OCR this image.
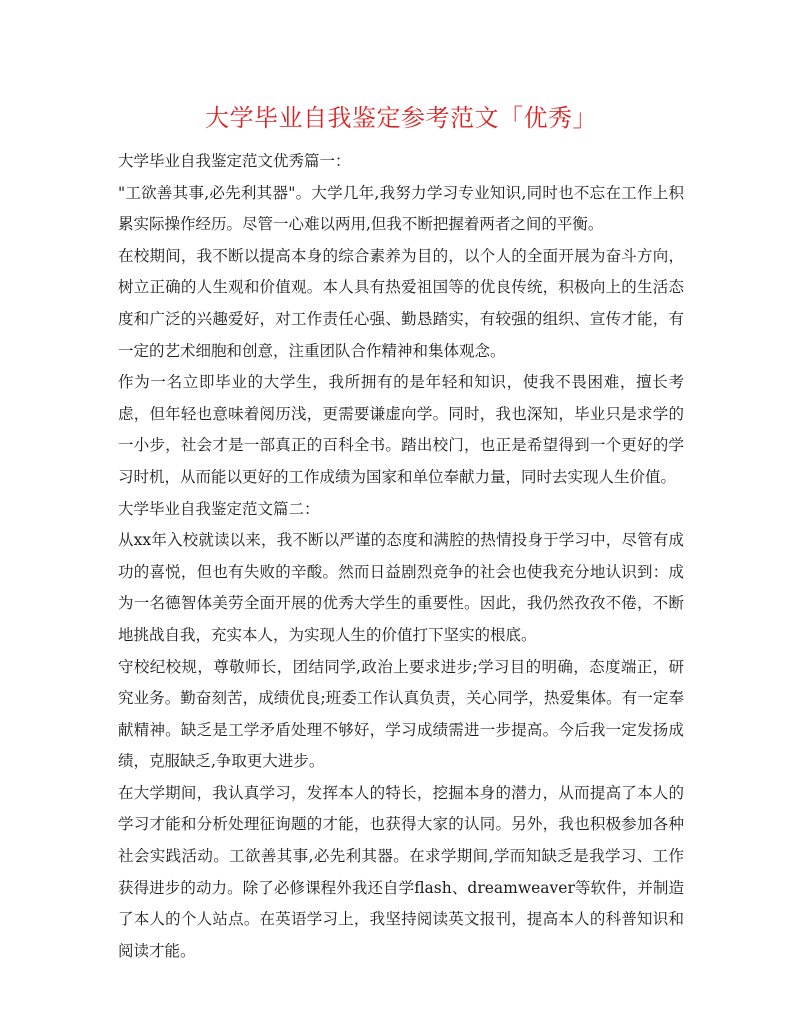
大学毕业自我鉴定参考范文「优秀」

大学毕业自我鉴定范文优秀篇一：

"工欲善其事,必先利其器"。大学几年,我努力学习专业知识,同时也不忘在工作上积累实际操作经历。尽管一心难以两用,但我不断把握着两者之间的平衡。

在校期间，我不断以提高本身的综合素养为目的，以个人的全面开展为奋斗方向，树立正确的人生观和价值观。本人具有热爱祖国等的优良传统，积极向上的生活态度和广泛的兴趣爱好，对工作责任心强、勤恳踏实，有较强的组织、宣传才能，有一定的艺术细胞和创意，注重团队合作精神和集体观念。

作为一名立即毕业的大学生，我所拥有的是年轻和知识，使我不畏困难，擅长考虑，但年轻也意味着阅历浅，更需要谦虚向学。同时，我也深知，毕业只是求学的一小步，社会才是一部真正的百科全书。踏出校门，也正是希望得到一个更好的学习时机，从而能以更好的工作成绩为国家和单位奉献力量，同时去实现人生价值。

大学毕业自我鉴定范文篇二：

从xx年入校就读以来，我不断以严谨的态度和满腔的热情投身于学习中，尽管有成功的喜悦，但也有失败的辛酸。然而日益剧烈竞争的社会也使我充分地认识到：成为一名德智体美劳全面开展的优秀大学生的重要性。因此，我仍然孜孜不倦，不断地挑战自我，充实本人，为实现人生的价值打下坚实的根底。

守校纪校规，尊敬师长，团结同学,政治上要求进步;学习目的明确，态度端正，研究业务。勤奋刻苦，成绩优良;班委工作认真负责，关心同学，热爱集体。有一定奉献精神。缺乏是工学矛盾处理不够好，学习成绩需进一步提高。今后我一定发扬成绩，克服缺乏,争取更大进步。

在大学期间，我认真学习，发挥本人的特长，挖掘本身的潜力，从而提高了本人的学习才能和分析处理征询题的才能，也获得大家的认同。另外，我也积极参加各种社会实践活动。工欲善其事,必先利其器。在求学期间,学而知缺乏是我学习、工作获得进步的动力。除了必修课程外我还自学flash、dreamweaver等软件，并制造了本人的个人站点。在英语学习上，我坚持阅读英文报刊，提高本人的科普知识和阅读才能。
